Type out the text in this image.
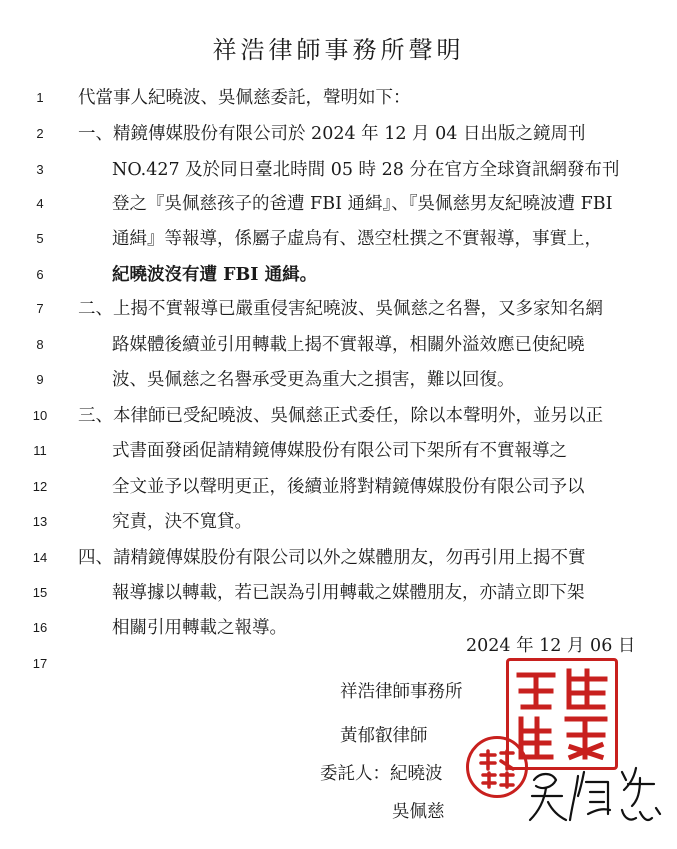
祥浩律師事務所聲明
1	代當事人紀曉波、吳佩慈委託，聲明如下：
2	一、精鏡傳媒股份有限公司於 2024 年 12 月 04 日出版之鏡周刊
3	NO.427 及於同日臺北時間 05 時 28 分在官方全球資訊網發布刊
4	登之『吳佩慈孩子的爸遭 FBI 通緝』、『吳佩慈男友紀曉波遭 FBI
5	通緝』等報導，係屬子虛烏有、憑空杜撰之不實報導，事實上，
6	紀曉波沒有遭 FBI 通緝。
7	二、上揭不實報導已嚴重侵害紀曉波、吳佩慈之名譽，又多家知名網
8	路媒體後續並引用轉載上揭不實報導，相關外溢效應已使紀曉
9	波、吳佩慈之名譽承受更為重大之損害，難以回復。
10 三、本律師已受紀曉波、吳佩慈正式委任，除以本聲明外，並另以正
11	式書面發函促請精鏡傳媒股份有限公司下架所有不實報導之
12	全文並予以聲明更正，後續並將對精鏡傳媒股份有限公司予以
13	究責，決不寬貸。
14 四、請精鏡傳媒股份有限公司以外之媒體朋友，勿再引用上揭不實
15	報導據以轉載，若已誤為引用轉載之媒體朋友，亦請立即下架
16	相關引用轉載之報導。
17
2024 年 12 月 06 日
祥浩律師事務所
黃郁叡律師
委託人：紀曉波
吳佩慈
